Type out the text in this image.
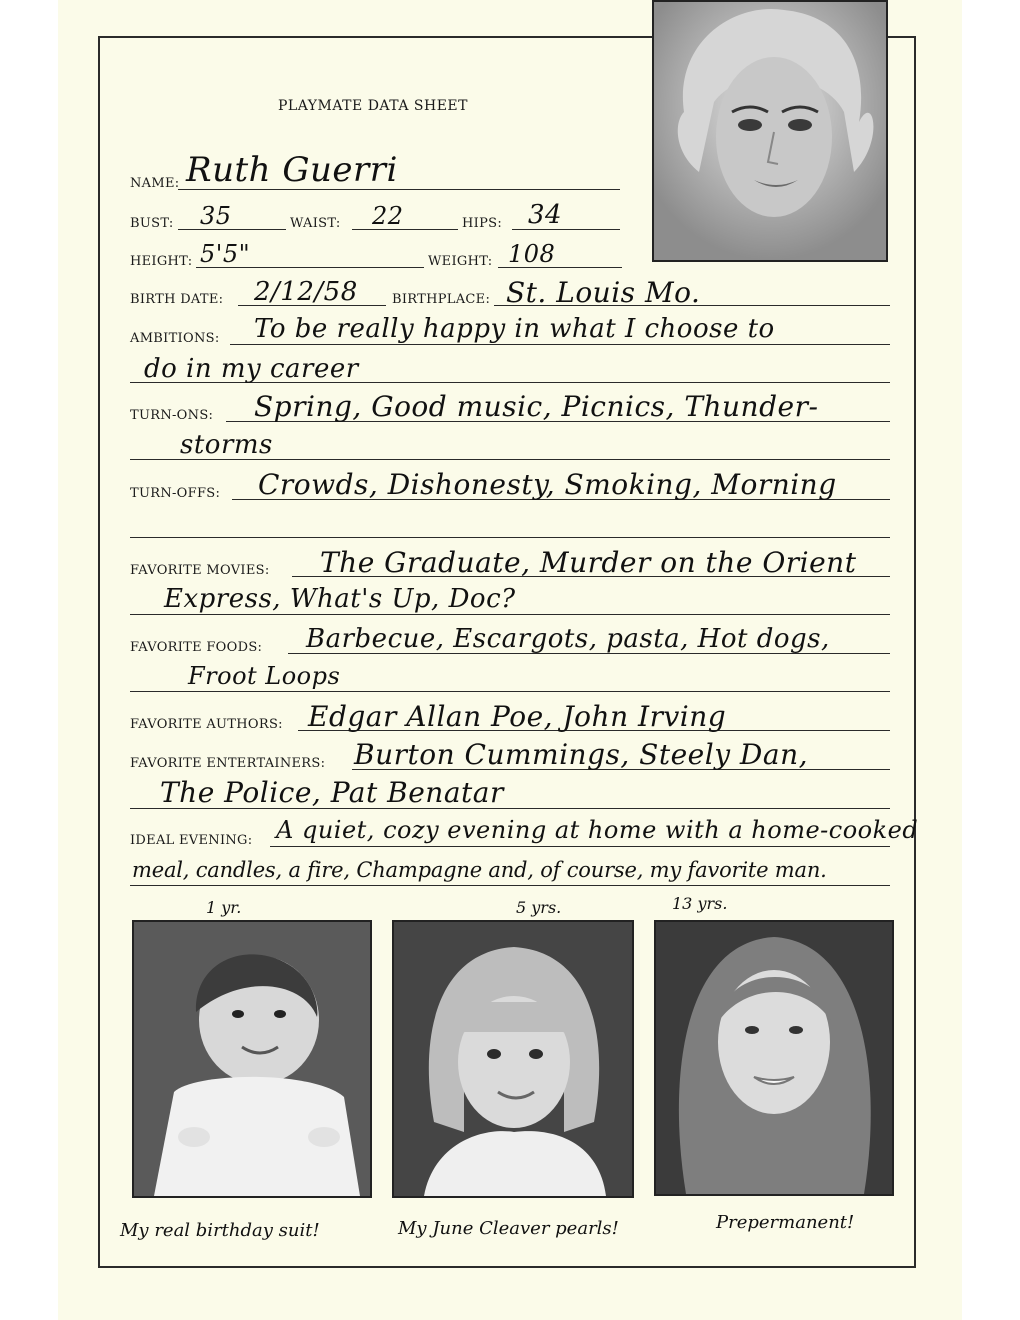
PLAYMATE DATA SHEET
NAME: Ruth Guerri
BUST: 35	WAIST: 22	HIPS: 34
HEIGHT: 5'5"	WEIGHT: 108
BIRTH DATE: 2/12/58	BIRTHPLACE: St. Louis Mo.
AMBITIONS: To be really happy in what I choose to
do in my career
TURN-ONS: Spring, Good music, Picnics, Thunder-
storms
TURN-OFFS: Crowds, Dishonesty, Smoking, Morning
FAVORITE MOVIES: The Graduate, Murder on the Orient
Express, What's Up, Doc?
FAVORITE FOODS: Barbecue, Escargots, pasta, Hot dogs,
Froot Loops
FAVORITE AUTHORS: Edgar Allan Poe, John Irving
FAVORITE ENTERTAINERS: Burton Cummings, Steely Dan,
The Police, Pat Benatar
IDEAL EVENING: A quiet, cozy evening at home with a home-cooked
meal, candles, a fire, Champagne and, of course, my favorite man.
1 yr.	5 yrs.	13 yrs.
My real birthday suit!	My June Cleaver pearls!	Prepermanent!
